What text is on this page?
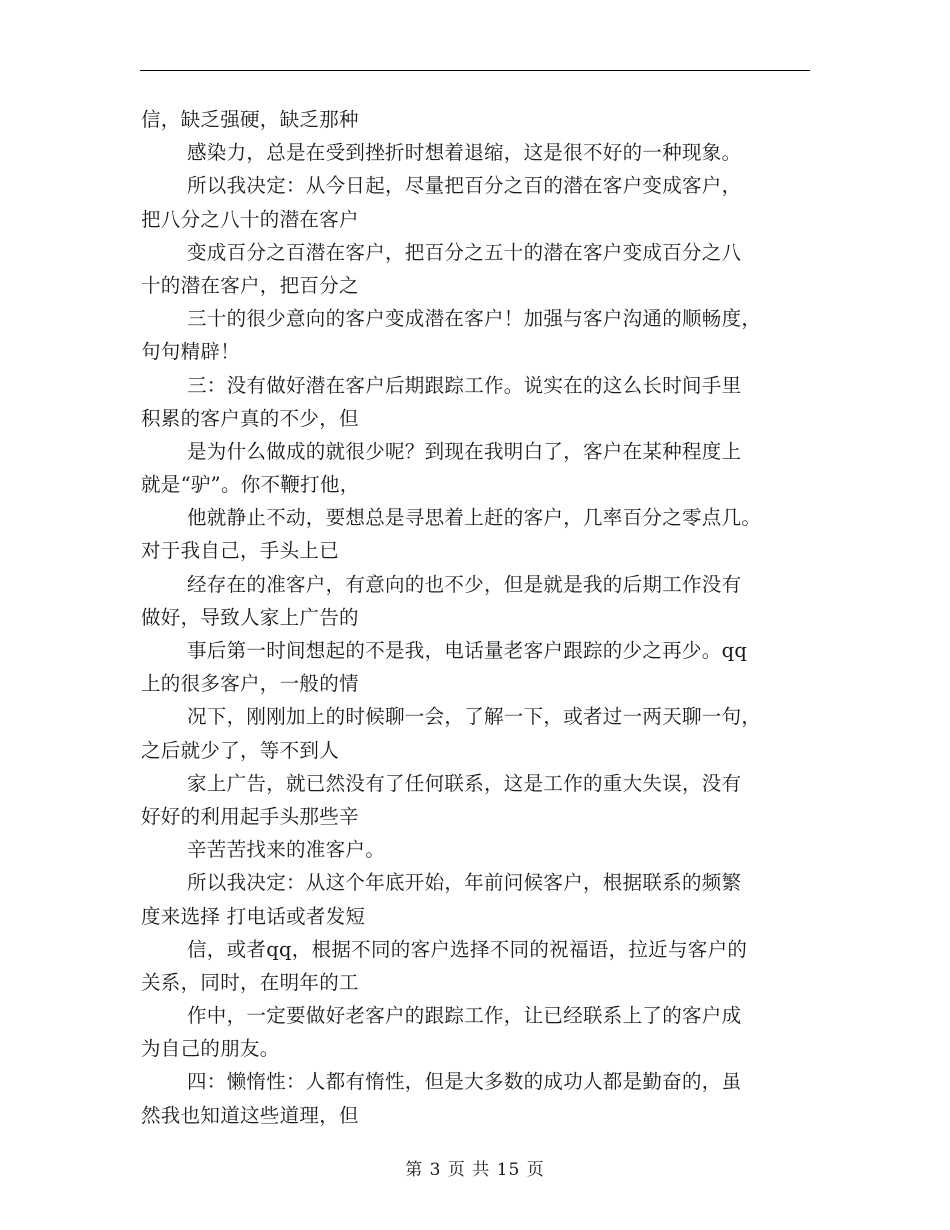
信，缺乏强硬，缺乏那种
感染力，总是在受到挫折时想着退缩，这是很不好的一种现象。
所以我决定：从今日起，尽量把百分之百的潜在客户变成客户，
把八分之八十的潜在客户
变成百分之百潜在客户，把百分之五十的潜在客户变成百分之八
十的潜在客户，把百分之
三十的很少意向的客户变成潜在客户！加强与客户沟通的顺畅度，
句句精辟！
三：没有做好潜在客户后期跟踪工作。说实在的这么长时间手里
积累的客户真的不少，但
是为什么做成的就很少呢？到现在我明白了，客户在某种程度上
就是“驴”。你不鞭打他，
他就静止不动，要想总是寻思着上赶的客户，几率百分之零点几。
对于我自己，手头上已
经存在的准客户，有意向的也不少，但是就是我的后期工作没有
做好，导致人家上广告的
事后第一时间想起的不是我，电话量老客户跟踪的少之再少。qq
上的很多客户，一般的情
况下，刚刚加上的时候聊一会，了解一下，或者过一两天聊一句，
之后就少了，等不到人
家上广告，就已然没有了任何联系，这是工作的重大失误，没有
好好的利用起手头那些辛
辛苦苦找来的准客户。
所以我决定：从这个年底开始，年前问候客户，根据联系的频繁
度来选择 打电话或者发短
信，或者qq，根据不同的客户选择不同的祝福语，拉近与客户的
关系，同时，在明年的工
作中，一定要做好老客户的跟踪工作，让已经联系上了的客户成
为自己的朋友。
四：懒惰性：人都有惰性，但是大多数的成功人都是勤奋的，虽
然我也知道这些道理，但
第 3 页 共 15 页
